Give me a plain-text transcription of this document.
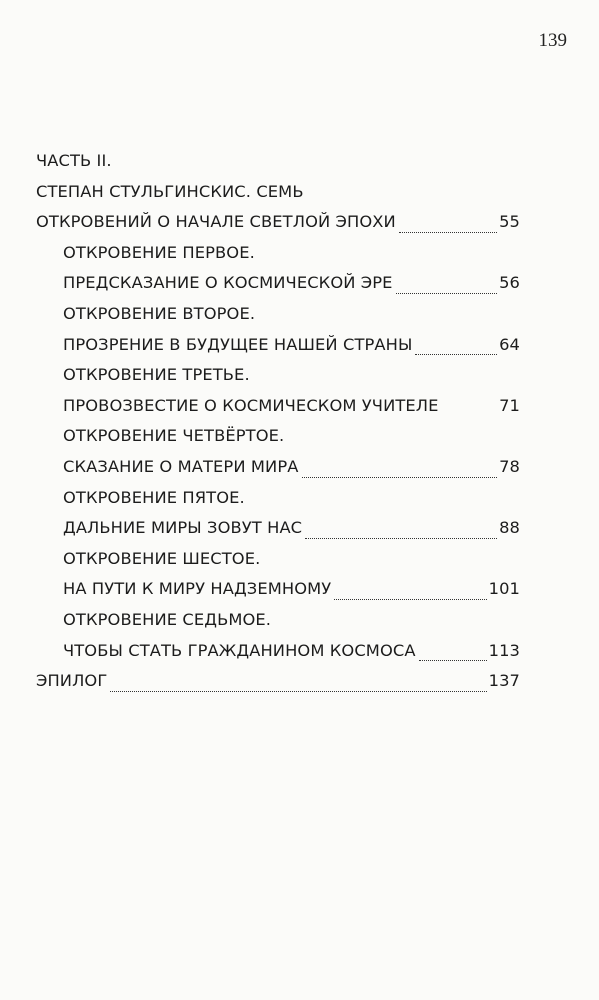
139
ЧАСТЬ II.
СТЕПАН СТУЛЬГИНСКИС. СЕМЬ
ОТКРОВЕНИЙ О НАЧАЛЕ СВЕТЛОЙ ЭПОХИ	55
ОТКРОВЕНИЕ ПЕРВОЕ.
ПРЕДСКАЗАНИЕ О КОСМИЧЕСКОЙ ЭРЕ	56
ОТКРОВЕНИЕ ВТОРОЕ.
ПРОЗРЕНИЕ В БУДУЩЕЕ НАШЕЙ СТРАНЫ	64
ОТКРОВЕНИЕ ТРЕТЬЕ.
ПРОВОЗВЕСТИЕ О КОСМИЧЕСКОМ УЧИТЕЛЕ	71
ОТКРОВЕНИЕ ЧЕТВЁРТОЕ.
СКАЗАНИЕ О МАТЕРИ МИРА	78
ОТКРОВЕНИЕ ПЯТОЕ.
ДАЛЬНИЕ МИРЫ ЗОВУТ НАС	88
ОТКРОВЕНИЕ ШЕСТОЕ.
НА ПУТИ К МИРУ НАДЗЕМНОМУ	101
ОТКРОВЕНИЕ СЕДЬМОЕ.
ЧТОБЫ СТАТЬ ГРАЖДАНИНОМ КОСМОСА	113
ЭПИЛОГ	137
